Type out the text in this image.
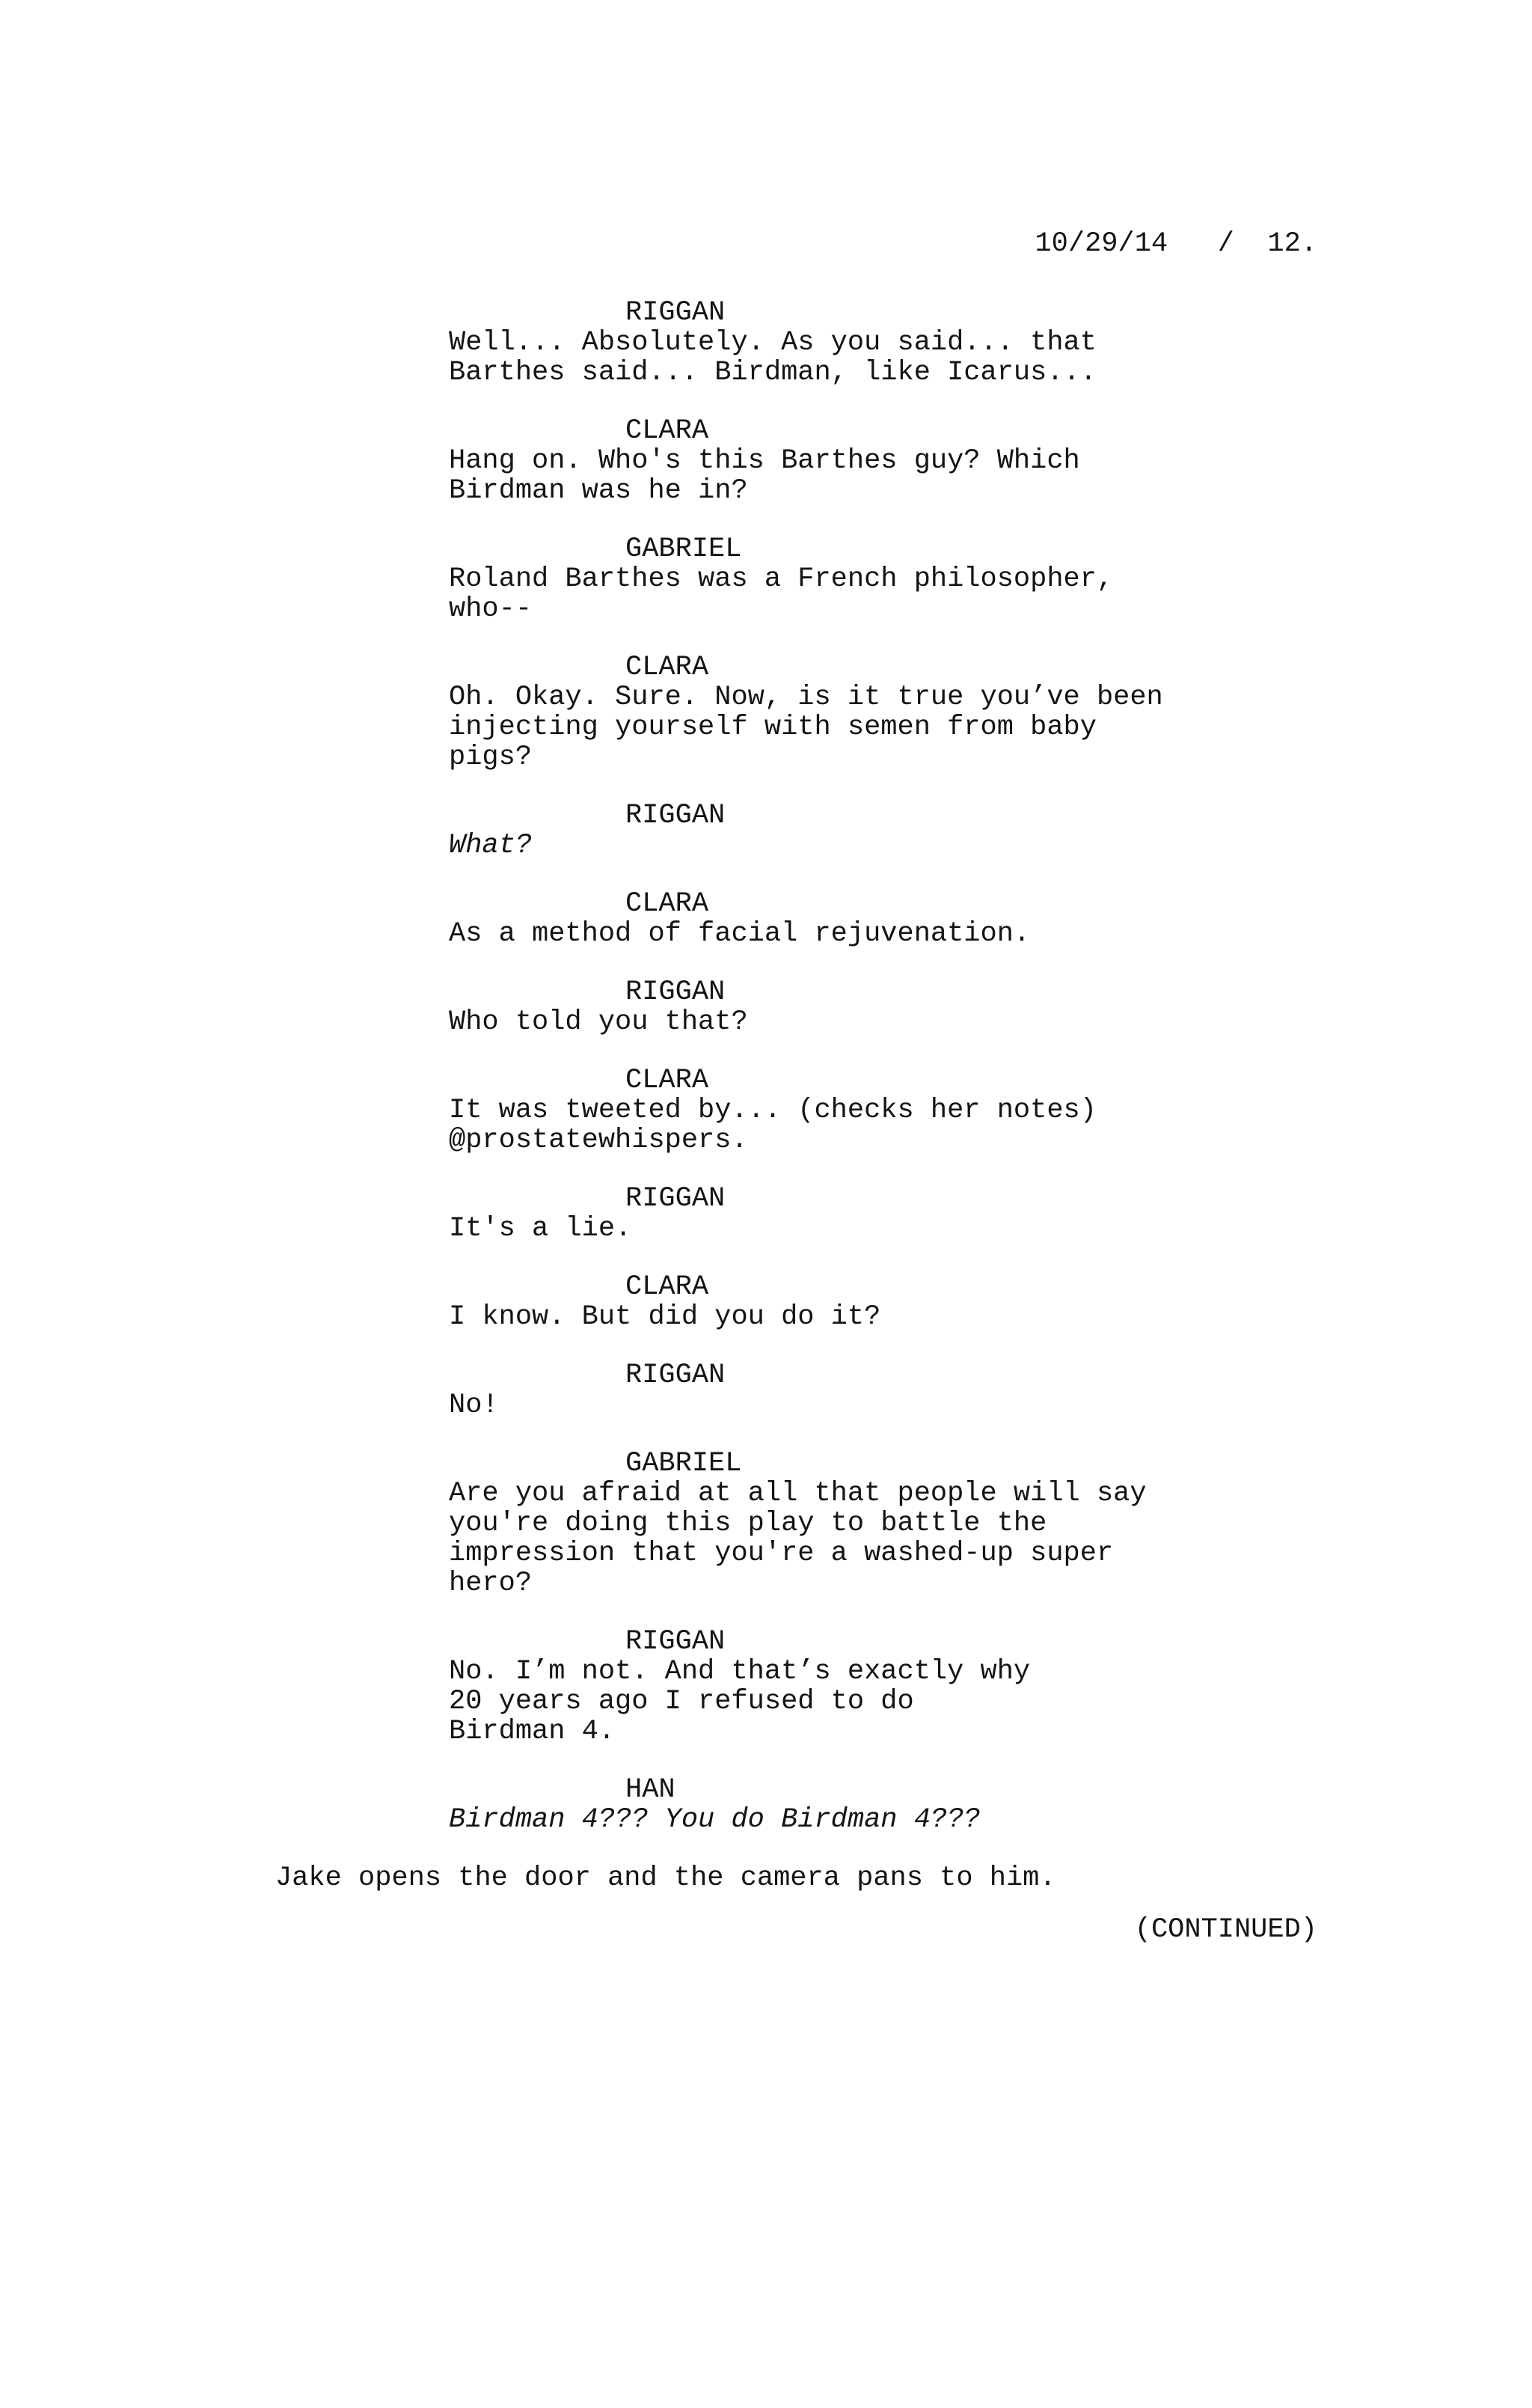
10/29/14 / 12.
RIGGAN
Well... Absolutely. As you said... that
Barthes said... Birdman, like Icarus...
CLARA
Hang on. Who's this Barthes guy? Which
Birdman was he in?
GABRIEL
Roland Barthes was a French philosopher,
who--
CLARA
Oh. Okay. Sure. Now, is it true you’ve been
injecting yourself with semen from baby
pigs?
RIGGAN
What?
CLARA
As a method of facial rejuvenation.
RIGGAN
Who told you that?
CLARA
It was tweeted by... (checks her notes)
@prostatewhispers.
RIGGAN
It's a lie.
CLARA
I know. But did you do it?
RIGGAN
No!
GABRIEL
Are you afraid at all that people will say
you're doing this play to battle the
impression that you're a washed-up super
hero?
RIGGAN
No. I’m not. And that’s exactly why
20 years ago I refused to do
Birdman 4.
HAN
Birdman 4??? You do Birdman 4???
Jake opens the door and the camera pans to him.
(CONTINUED)
